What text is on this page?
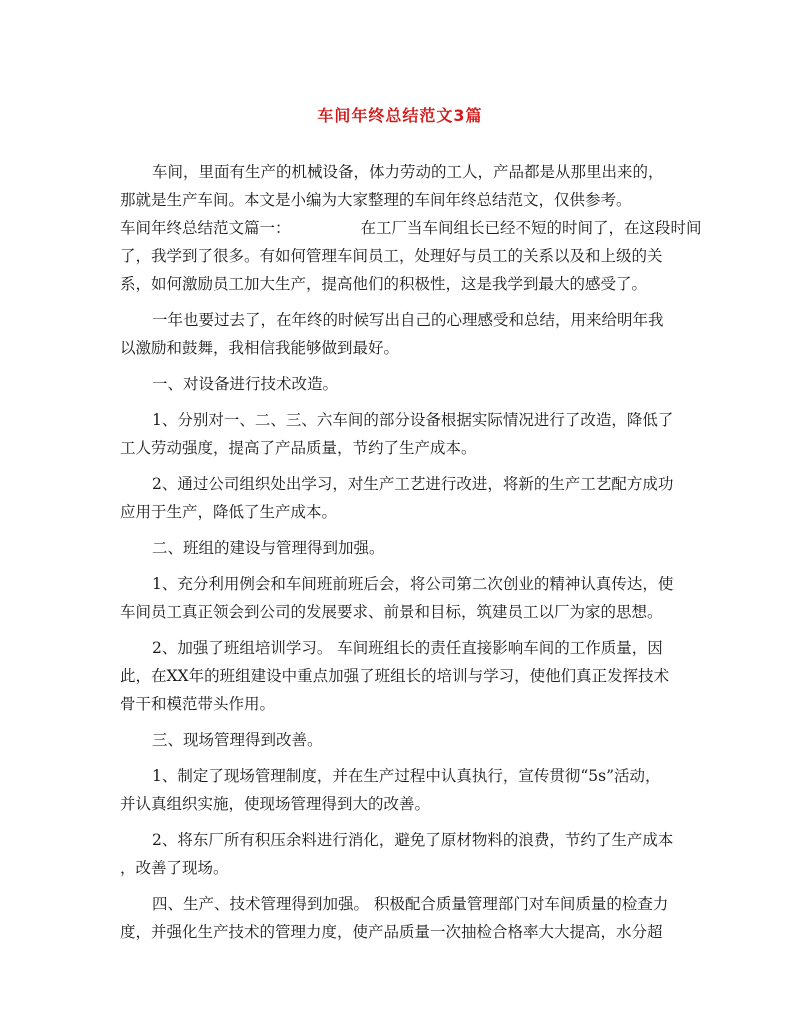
车间年终总结范文3篇
车间，里面有生产的机械设备，体力劳动的工人，产品都是从那里出来的，
那就是生产车间。本文是小编为大家整理的车间年终总结范文，仅供参考。
车间年终总结范文篇一：	在工厂当车间组长已经不短的时间了，在这段时间
了，我学到了很多。有如何管理车间员工，处理好与员工的关系以及和上级的关
系，如何激励员工加大生产，提高他们的积极性，这是我学到最大的感受了。
一年也要过去了，在年终的时候写出自己的心理感受和总结，用来给明年我
以激励和鼓舞，我相信我能够做到最好。
一、对设备进行技术改造。
1、分别对一、二、三、六车间的部分设备根据实际情况进行了改造，降低了
工人劳动强度，提高了产品质量，节约了生产成本。
2、通过公司组织处出学习，对生产工艺进行改进，将新的生产工艺配方成功
应用于生产，降低了生产成本。
二、班组的建设与管理得到加强。
1、充分利用例会和车间班前班后会，将公司第二次创业的精神认真传达，使
车间员工真正领会到公司的发展要求、前景和目标，筑建员工以厂为家的思想。
2、加强了班组培训学习。 车间班组长的责任直接影响车间的工作质量，因
此，在XX年的班组建设中重点加强了班组长的培训与学习，使他们真正发挥技术
骨干和模范带头作用。
三、现场管理得到改善。
1、制定了现场管理制度，并在生产过程中认真执行，宣传贯彻“5s”活动，
并认真组织实施，使现场管理得到大的改善。
2、将东厂所有积压余料进行消化，避免了原材物料的浪费，节约了生产成本
，改善了现场。
四、生产、技术管理得到加强。 积极配合质量管理部门对车间质量的检查力
度，并强化生产技术的管理力度，使产品质量一次抽检合格率大大提高，水分超
